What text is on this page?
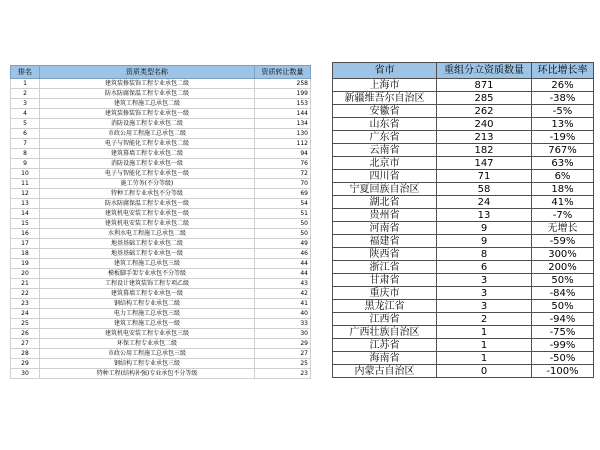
排名	资质类型名称	资质转让数量
1	建筑装修装饰工程专业承包二级	258
2	防水防腐保温工程专业承包二级	199
3	建筑工程施工总承包二级	153
4	建筑装修装饰工程专业承包一级	144
5	消防设施工程专业承包二级	134
6	市政公用工程施工总承包二级	130
7	电子与智能化工程专业承包二级	112
8	建筑幕墙工程专业承包二级	94
9	消防设施工程专业承包一级	76
10	电子与智能化工程专业承包一级	72
11	施工劳务(不分等级)	70
12	特种工程专业承包不分等级	69
13	防水防腐保温工程专业承包一级	54
14	建筑机电安装工程专业承包一级	51
15	建筑机电安装工程专业承包二级	50
16	水利水电工程施工总承包二级	50
17	地基基础工程专业承包二级	49
18	地基基础工程专业承包一级	46
19	建筑工程施工总承包三级	44
20	模板脚手架专业承包不分等级	44
21	工程设计建筑装饰工程专项乙级	43
22	建筑幕墙工程专业承包一级	42
23	钢结构工程专业承包二级	41
24	电力工程施工总承包三级	40
25	建筑工程施工总承包一级	33
26	建筑机电安装工程专业承包三级	30
27	环保工程专业承包二级	29
28	市政公用工程施工总承包三级	27
29	钢结构工程专业承包三级	25
30	特种工程(结构补强)专业承包不分等级	23
省市	重组分立资质数量	环比增长率
上海市	871	26%
新疆维吾尔自治区	285	-38%
安徽省	262	-5%
山东省	240	13%
广东省	213	-19%
云南省	182	767%
北京市	147	63%
四川省	71	6%
宁夏回族自治区	58	18%
湖北省	24	41%
贵州省	13	-7%
河南省	9	无增长
福建省	9	-59%
陕西省	8	300%
浙江省	6	200%
甘肃省	3	50%
重庆市	3	-84%
黑龙江省	3	50%
江西省	2	-94%
广西壮族自治区	1	-75%
江苏省	1	-99%
海南省	1	-50%
内蒙古自治区	0	-100%
